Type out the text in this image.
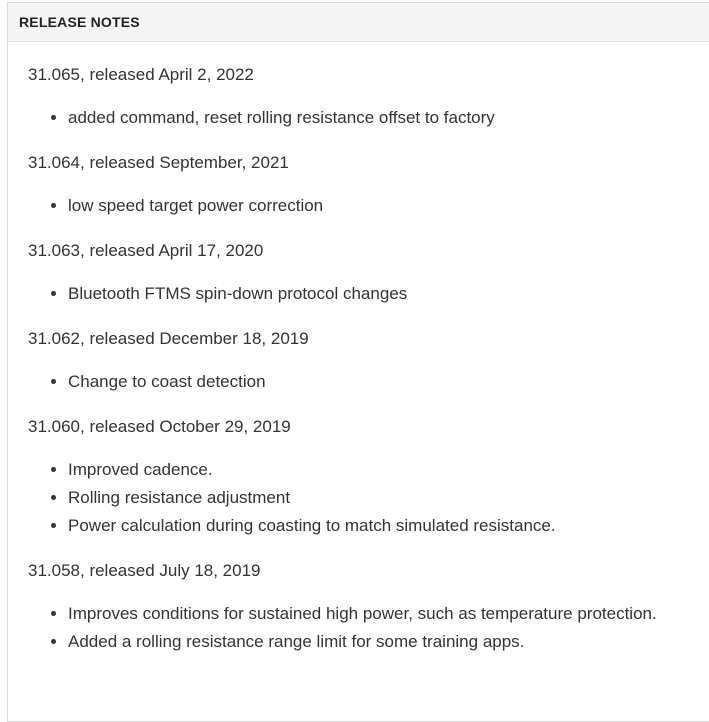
RELEASE NOTES
31.065, released April 2, 2022
• added command, reset rolling resistance offset to factory
31.064, released September, 2021
• low speed target power correction
31.063, released April 17, 2020
• Bluetooth FTMS spin-down protocol changes
31.062, released December 18, 2019
• Change to coast detection
31.060, released October 29, 2019
• Improved cadence.
• Rolling resistance adjustment
• Power calculation during coasting to match simulated resistance.
31.058, released July 18, 2019
• Improves conditions for sustained high power, such as temperature protection.
• Added a rolling resistance range limit for some training apps.
